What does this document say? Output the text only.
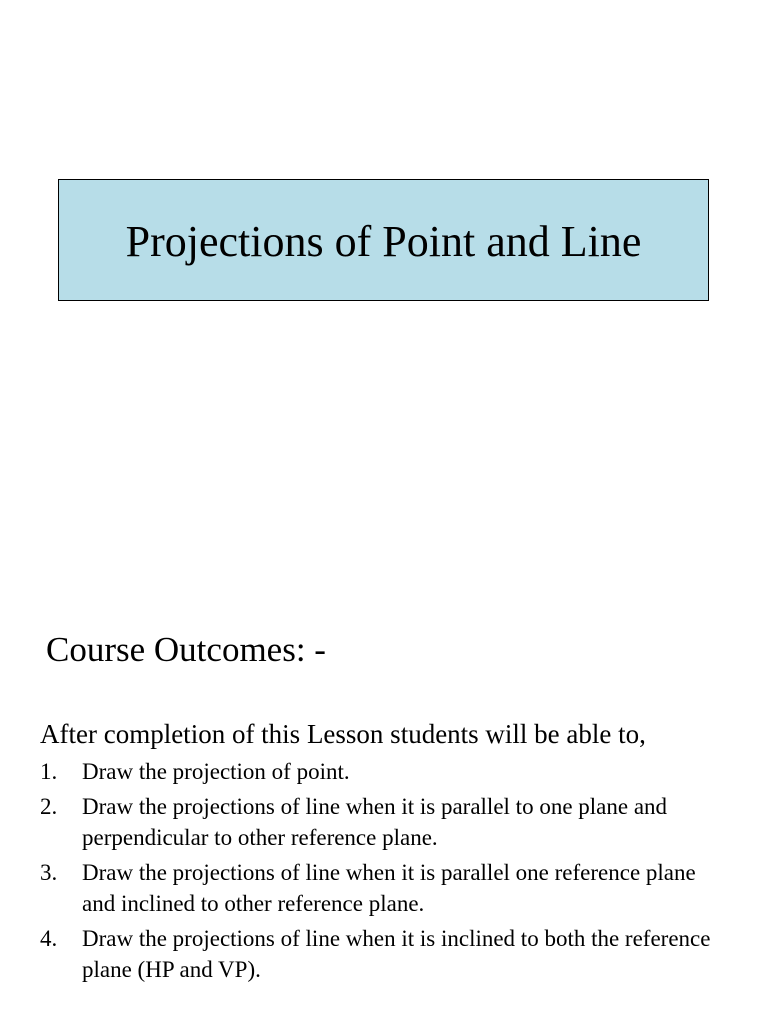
Projections of Point and Line
Course Outcomes: -
After completion of this Lesson students will be able to,
1.	Draw the projection of point.
2.	Draw the projections of line when it is parallel to one plane and perpendicular to other reference plane.
3.	Draw the projections of line when it is parallel one reference plane and inclined to other reference plane.
4.	Draw the projections of line when it is inclined to both the reference plane (HP and VP).
